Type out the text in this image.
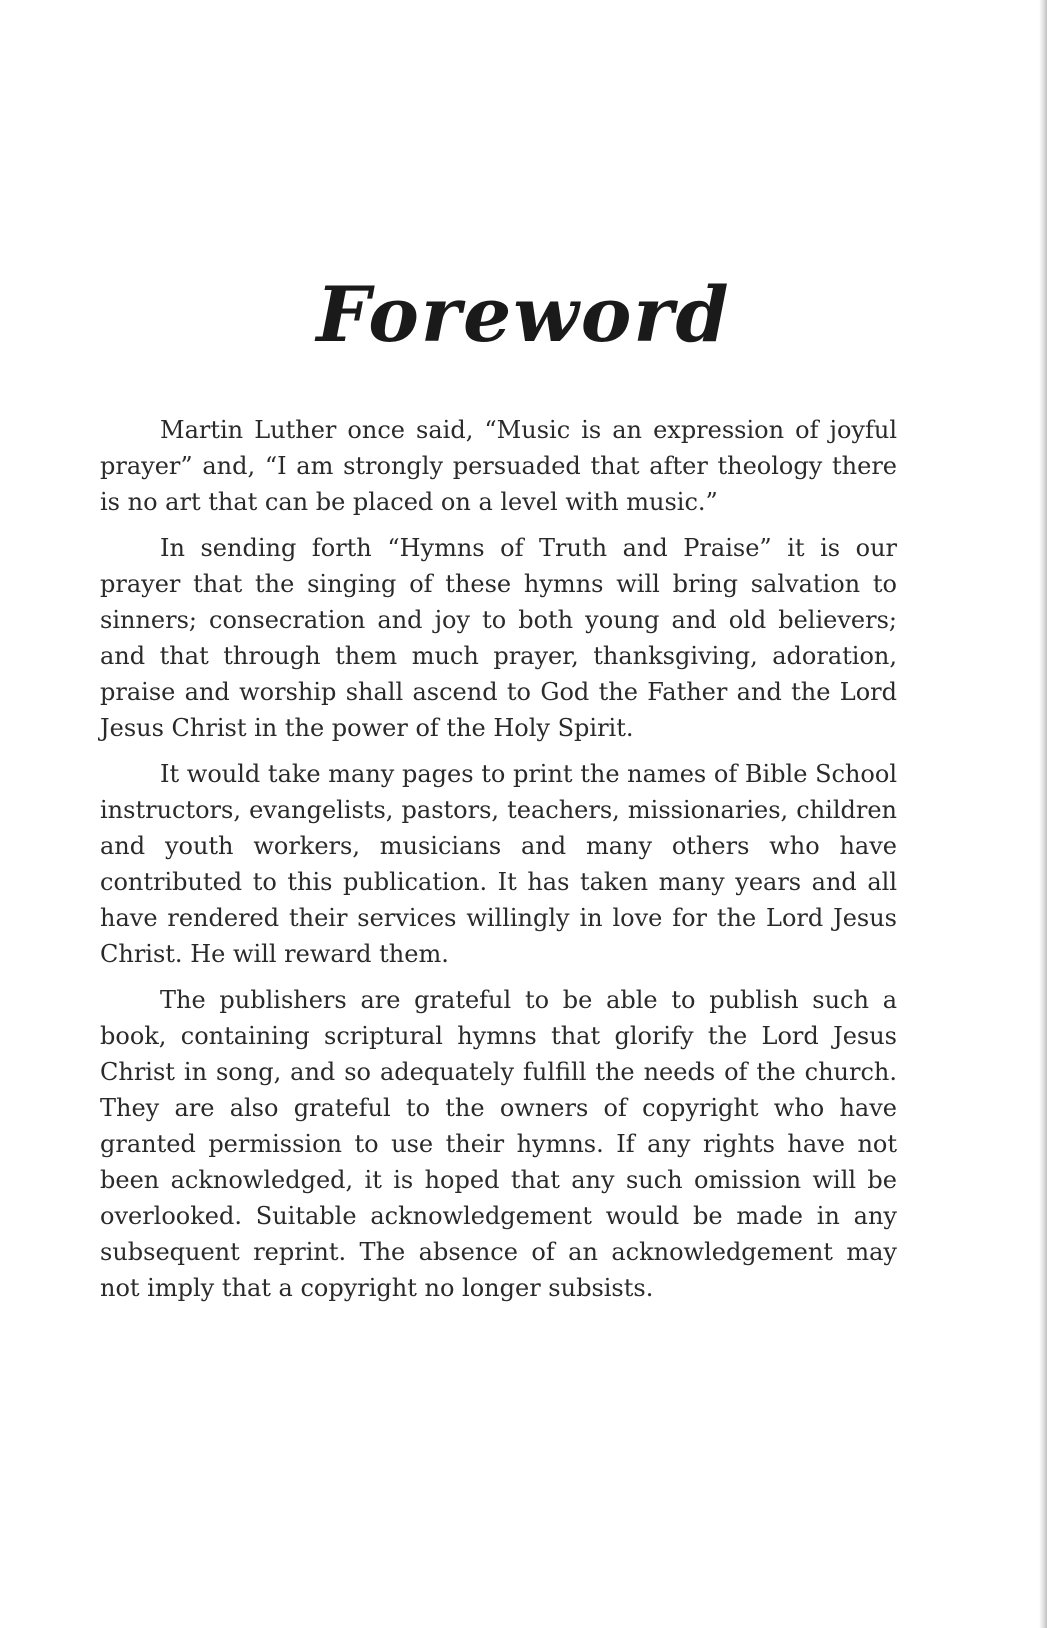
Foreword

Martin Luther once said, “Music is an expression of joyful prayer” and, “I am strongly persuaded that after theology there is no art that can be placed on a level with music.”

In sending forth “Hymns of Truth and Praise” it is our prayer that the singing of these hymns will bring salvation to sinners; consecration and joy to both young and old believers; and that through them much prayer, thanksgiving, adoration, praise and worship shall ascend to God the Father and the Lord Jesus Christ in the power of the Holy Spirit.

It would take many pages to print the names of Bible School instructors, evangelists, pastors, teachers, missionaries, children and youth workers, musicians and many others who have contributed to this publication. It has taken many years and all have rendered their services willingly in love for the Lord Jesus Christ. He will reward them.

The publishers are grateful to be able to publish such a book, containing scriptural hymns that glorify the Lord Jesus Christ in song, and so adequately fulfill the needs of the church. They are also grateful to the owners of copyright who have granted permission to use their hymns. If any rights have not been acknowledged, it is hoped that any such omission will be overlooked. Suitable acknowledgement would be made in any subsequent reprint. The absence of an acknowledgement may not imply that a copyright no longer subsists.
